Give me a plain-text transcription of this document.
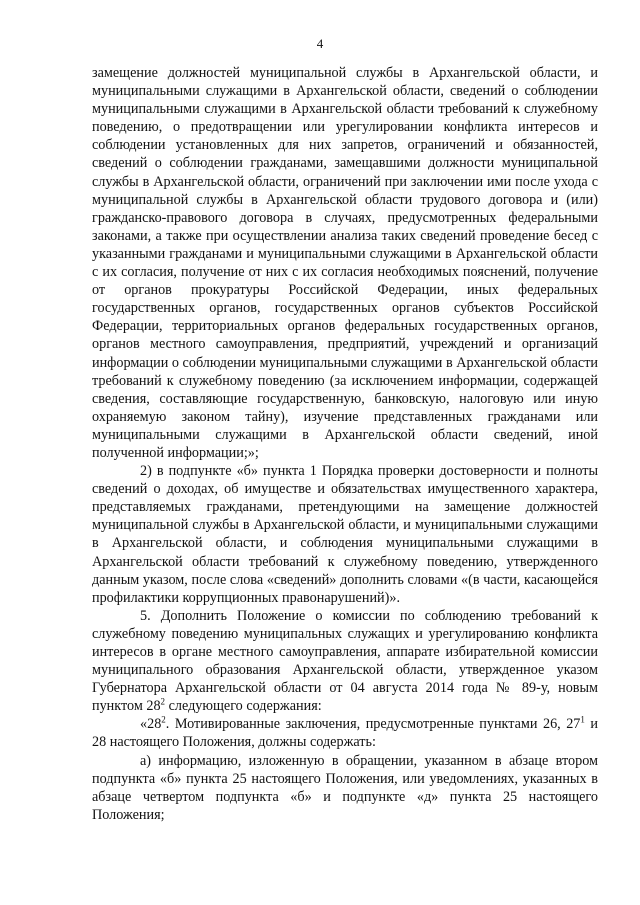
4

замещение должностей муниципальной службы в Архангельской области, и муниципальными служащими в Архангельской области, сведений о соблюдении муниципальными служащими в Архангельской области требований к служебному поведению, о предотвращении или урегулировании конфликта интересов и соблюдении установленных для них запретов, ограничений и обязанностей, сведений о соблюдении гражданами, замещавшими должности муниципальной службы в Архангельской области, ограничений при заключении ими после ухода с муниципальной службы в Архангельской области трудового договора и (или) гражданско-правового договора в случаях, предусмотренных федеральными законами, а также при осуществлении анализа таких сведений проведение бесед с указанными гражданами и муниципальными служащими в Архангельской области с их согласия, получение от них с их согласия необходимых пояснений, получение от органов прокуратуры Российской Федерации, иных федеральных государственных органов, государственных органов субъектов Российской Федерации, территориальных органов федеральных государственных органов, органов местного самоуправления, предприятий, учреждений и организаций информации о соблюдении муниципальными служащими в Архангельской области требований к служебному поведению (за исключением информации, содержащей сведения, составляющие государственную, банковскую, налоговую или иную охраняемую законом тайну), изучение представленных гражданами или муниципальными служащими в Архангельской области сведений, иной полученной информации;»;

2) в подпункте «б» пункта 1 Порядка проверки достоверности и полноты сведений о доходах, об имуществе и обязательствах имущественного характера, представляемых гражданами, претендующими на замещение должностей муниципальной службы в Архангельской области, и муниципальными служащими в Архангельской области, и соблюдения муниципальными служащими в Архангельской области требований к служебному поведению, утвержденного данным указом, после слова «сведений» дополнить словами «(в части, касающейся профилактики коррупционных правонарушений)».

5. Дополнить Положение о комиссии по соблюдению требований к служебному поведению муниципальных служащих и урегулированию конфликта интересов в органе местного самоуправления, аппарате избирательной комиссии муниципального образования Архангельской области, утвержденное указом Губернатора Архангельской области от 04 августа 2014 года № 89-у, новым пунктом $28^2$ следующего содержания:

«$28^2$. Мотивированные заключения, предусмотренные пунктами 26, $27^1$ и 28 настоящего Положения, должны содержать:

а) информацию, изложенную в обращении, указанном в абзаце втором подпункта «б» пункта 25 настоящего Положения, или уведомлениях, указанных в абзаце четвертом подпункта «б» и подпункте «д» пункта 25 настоящего Положения;
